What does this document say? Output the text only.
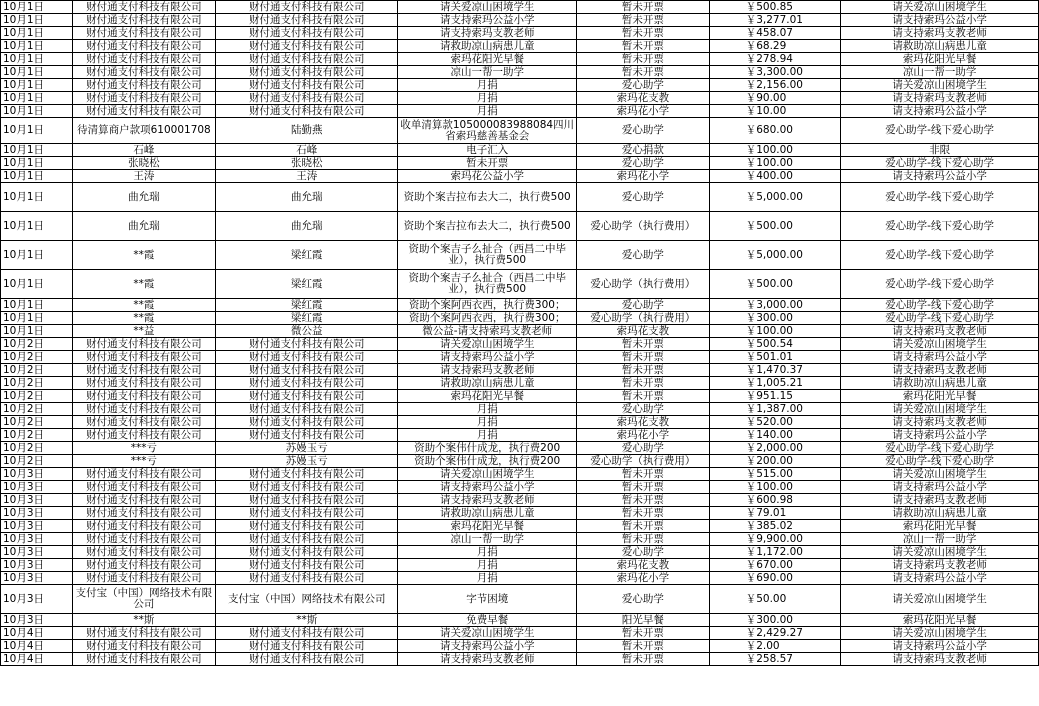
10月1日	财付通支付科技有限公司	财付通支付科技有限公司	请关爱凉山困境学生	暂未开票	￥500.85	请关爱凉山困境学生
10月1日	财付通支付科技有限公司	财付通支付科技有限公司	请支持索玛公益小学	暂未开票	￥3,277.01	请支持索玛公益小学
10月1日	财付通支付科技有限公司	财付通支付科技有限公司	请支持索玛支教老师	暂未开票	￥458.07	请支持索玛支教老师
10月1日	财付通支付科技有限公司	财付通支付科技有限公司	请救助凉山病患儿童	暂未开票	￥68.29	请救助凉山病患儿童
10月1日	财付通支付科技有限公司	财付通支付科技有限公司	索玛花阳光早餐	暂未开票	￥278.94	索玛花阳光早餐
10月1日	财付通支付科技有限公司	财付通支付科技有限公司	凉山一帮一助学	暂未开票	￥3,300.00	凉山一帮一助学
10月1日	财付通支付科技有限公司	财付通支付科技有限公司	月捐	爱心助学	￥2,156.00	请关爱凉山困境学生
10月1日	财付通支付科技有限公司	财付通支付科技有限公司	月捐	索玛花支教	￥90.00	请支持索玛支教老师
10月1日	财付通支付科技有限公司	财付通支付科技有限公司	月捐	索玛花小学	￥10.00	请支持索玛公益小学
10月1日	待清算商户款项610001708	陆勤燕	收单清算款105000083988084四川省索玛慈善基金会	爱心助学	￥680.00	爱心助学-线下爱心助学
10月1日	石峰	石峰	电子汇入	爱心捐款	￥100.00	非限
10月1日	张晓松	张晓松	暂未开票	爱心助学	￥100.00	爱心助学-线下爱心助学
10月1日	王涛	王涛	索玛花公益小学	索玛花小学	￥400.00	请支持索玛公益小学
10月1日	曲允瑞	曲允瑞	资助个案吉拉布去大二，执行费500	爱心助学	￥5,000.00	爱心助学-线下爱心助学
10月1日	曲允瑞	曲允瑞	资助个案吉拉布去大二，执行费500	爱心助学（执行费用）	￥500.00	爱心助学-线下爱心助学
10月1日	**霞	梁红霞	资助个案吉子么扯合（西昌二中毕业），执行费500	爱心助学	￥5,000.00	爱心助学-线下爱心助学
10月1日	**霞	梁红霞	资助个案吉子么扯合（西昌二中毕业），执行费500	爱心助学（执行费用）	￥500.00	爱心助学-线下爱心助学
10月1日	**霞	梁红霞	资助个案阿西衣西，执行费300；	爱心助学	￥3,000.00	爱心助学-线下爱心助学
10月1日	**霞	梁红霞	资助个案阿西衣西，执行费300；	爱心助学（执行费用）	￥300.00	爱心助学-线下爱心助学
10月1日	**益	微公益	微公益-请支持索玛支教老师	索玛花支教	￥100.00	请支持索玛支教老师
10月2日	财付通支付科技有限公司	财付通支付科技有限公司	请关爱凉山困境学生	暂未开票	￥500.54	请关爱凉山困境学生
10月2日	财付通支付科技有限公司	财付通支付科技有限公司	请支持索玛公益小学	暂未开票	￥501.01	请支持索玛公益小学
10月2日	财付通支付科技有限公司	财付通支付科技有限公司	请支持索玛支教老师	暂未开票	￥1,470.37	请支持索玛支教老师
10月2日	财付通支付科技有限公司	财付通支付科技有限公司	请救助凉山病患儿童	暂未开票	￥1,005.21	请救助凉山病患儿童
10月2日	财付通支付科技有限公司	财付通支付科技有限公司	索玛花阳光早餐	暂未开票	￥951.15	索玛花阳光早餐
10月2日	财付通支付科技有限公司	财付通支付科技有限公司	月捐	爱心助学	￥1,387.00	请关爱凉山困境学生
10月2日	财付通支付科技有限公司	财付通支付科技有限公司	月捐	索玛花支教	￥520.00	请支持索玛支教老师
10月2日	财付通支付科技有限公司	财付通支付科技有限公司	月捐	索玛花小学	￥140.00	请支持索玛公益小学
10月2日	***亏	苏嫚玉亏	资助个案伟什成龙，执行费200	爱心助学	￥2,000.00	爱心助学-线下爱心助学
10月2日	***亏	苏嫚玉亏	资助个案伟什成龙，执行费200	爱心助学（执行费用）	￥200.00	爱心助学-线下爱心助学
10月3日	财付通支付科技有限公司	财付通支付科技有限公司	请关爱凉山困境学生	暂未开票	￥515.00	请关爱凉山困境学生
10月3日	财付通支付科技有限公司	财付通支付科技有限公司	请支持索玛公益小学	暂未开票	￥100.00	请支持索玛公益小学
10月3日	财付通支付科技有限公司	财付通支付科技有限公司	请支持索玛支教老师	暂未开票	￥600.98	请支持索玛支教老师
10月3日	财付通支付科技有限公司	财付通支付科技有限公司	请救助凉山病患儿童	暂未开票	￥79.01	请救助凉山病患儿童
10月3日	财付通支付科技有限公司	财付通支付科技有限公司	索玛花阳光早餐	暂未开票	￥385.02	索玛花阳光早餐
10月3日	财付通支付科技有限公司	财付通支付科技有限公司	凉山一帮一助学	暂未开票	￥9,900.00	凉山一帮一助学
10月3日	财付通支付科技有限公司	财付通支付科技有限公司	月捐	爱心助学	￥1,172.00	请关爱凉山困境学生
10月3日	财付通支付科技有限公司	财付通支付科技有限公司	月捐	索玛花支教	￥670.00	请支持索玛支教老师
10月3日	财付通支付科技有限公司	财付通支付科技有限公司	月捐	索玛花小学	￥690.00	请支持索玛公益小学
10月3日	支付宝（中国）网络技术有限公司	支付宝（中国）网络技术有限公司	字节困境	爱心助学	￥50.00	请关爱凉山困境学生
10月3日	**斯	**斯	免费早餐	阳光早餐	￥300.00	索玛花阳光早餐
10月4日	财付通支付科技有限公司	财付通支付科技有限公司	请关爱凉山困境学生	暂未开票	￥2,429.27	请关爱凉山困境学生
10月4日	财付通支付科技有限公司	财付通支付科技有限公司	请支持索玛公益小学	暂未开票	￥2.00	请支持索玛公益小学
10月4日	财付通支付科技有限公司	财付通支付科技有限公司	请支持索玛支教老师	暂未开票	￥258.57	请支持索玛支教老师
